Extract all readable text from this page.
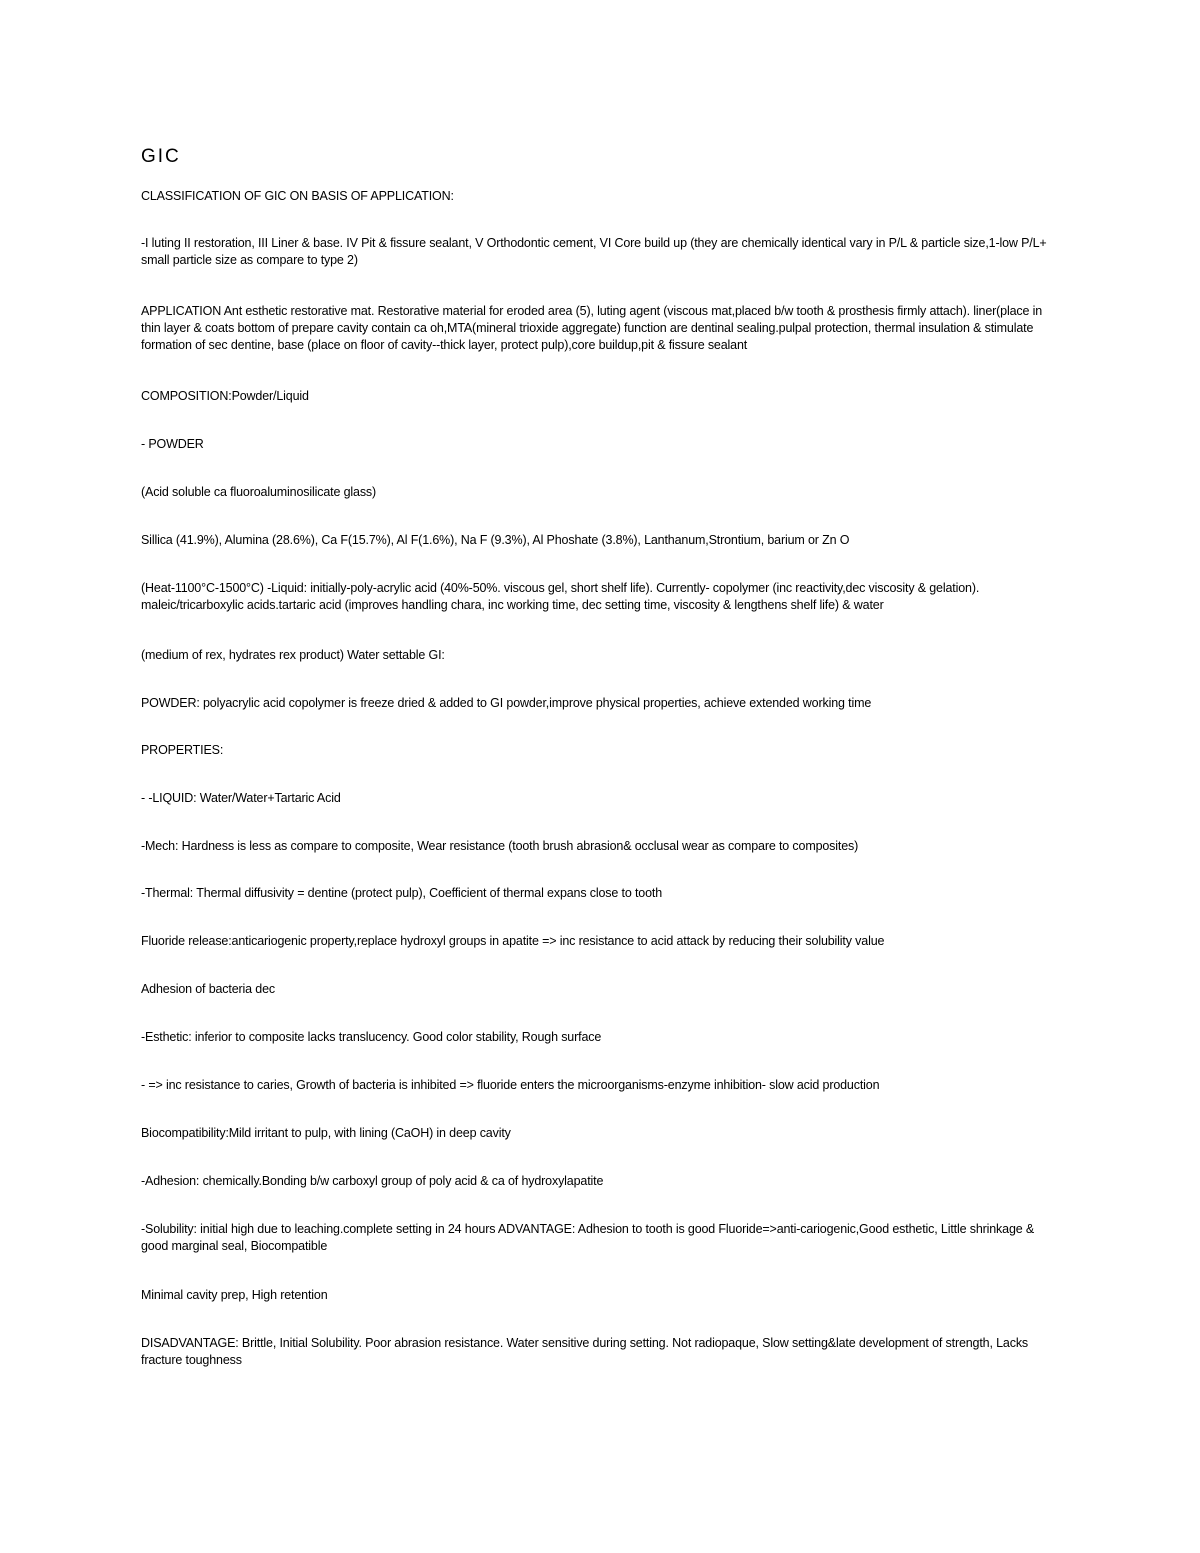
GIC
CLASSIFICATION OF GIC ON BASIS OF APPLICATION:
-I luting II restoration, III Liner & base. IV Pit & fissure sealant, V Orthodontic cement, VI Core build up (they are chemically identical vary in P/L & particle size,1-low P/L+ small particle size as compare to type 2)
APPLICATION Ant esthetic restorative mat. Restorative material for eroded area (5), luting agent (viscous mat,placed b/w tooth & prosthesis firmly attach). liner(place in thin layer & coats bottom of prepare cavity contain ca oh,MTA(mineral trioxide aggregate) function are dentinal sealing.pulpal protection, thermal insulation & stimulate formation of sec dentine, base (place on floor of cavity--thick layer, protect pulp),core buildup,pit & fissure sealant
COMPOSITION:Powder/Liquid
- POWDER
(Acid soluble ca fluoroaluminosilicate glass)
Sillica (41.9%), Alumina (28.6%), Ca F(15.7%), Al F(1.6%), Na F (9.3%), Al Phoshate (3.8%), Lanthanum,Strontium, barium or Zn O
(Heat-1100°C-1500°C) -Liquid: initially-poly-acrylic acid (40%-50%. viscous gel, short shelf life). Currently- copolymer (inc reactivity,dec viscosity & gelation). maleic/tricarboxylic acids.tartaric acid (improves handling chara, inc working time, dec setting time, viscosity & lengthens shelf life) & water
(medium of rex, hydrates rex product) Water settable GI:
POWDER: polyacrylic acid copolymer is freeze dried & added to GI powder,improve physical properties, achieve extended working time
PROPERTIES:
- -LIQUID: Water/Water+Tartaric Acid
-Mech: Hardness is less as compare to composite, Wear resistance (tooth brush abrasion& occlusal wear as compare to composites)
-Thermal: Thermal diffusivity = dentine (protect pulp), Coefficient of thermal expans close to tooth
Fluoride release:anticariogenic property,replace hydroxyl groups in apatite => inc resistance to acid attack by reducing their solubility value
Adhesion of bacteria dec
-Esthetic: inferior to composite lacks translucency. Good color stability, Rough surface
- => inc resistance to caries, Growth of bacteria is inhibited => fluoride enters the microorganisms-enzyme inhibition- slow acid production
Biocompatibility:Mild irritant to pulp, with lining (CaOH) in deep cavity
-Adhesion: chemically.Bonding b/w carboxyl group of poly acid & ca of hydroxylapatite
-Solubility: initial high due to leaching.complete setting in 24 hours ADVANTAGE: Adhesion to tooth is good Fluoride=>anti-cariogenic,Good esthetic, Little shrinkage & good marginal seal, Biocompatible
Minimal cavity prep, High retention
DISADVANTAGE: Brittle, Initial Solubility. Poor abrasion resistance. Water sensitive during setting. Not radiopaque, Slow setting&late development of strength, Lacks fracture toughness
